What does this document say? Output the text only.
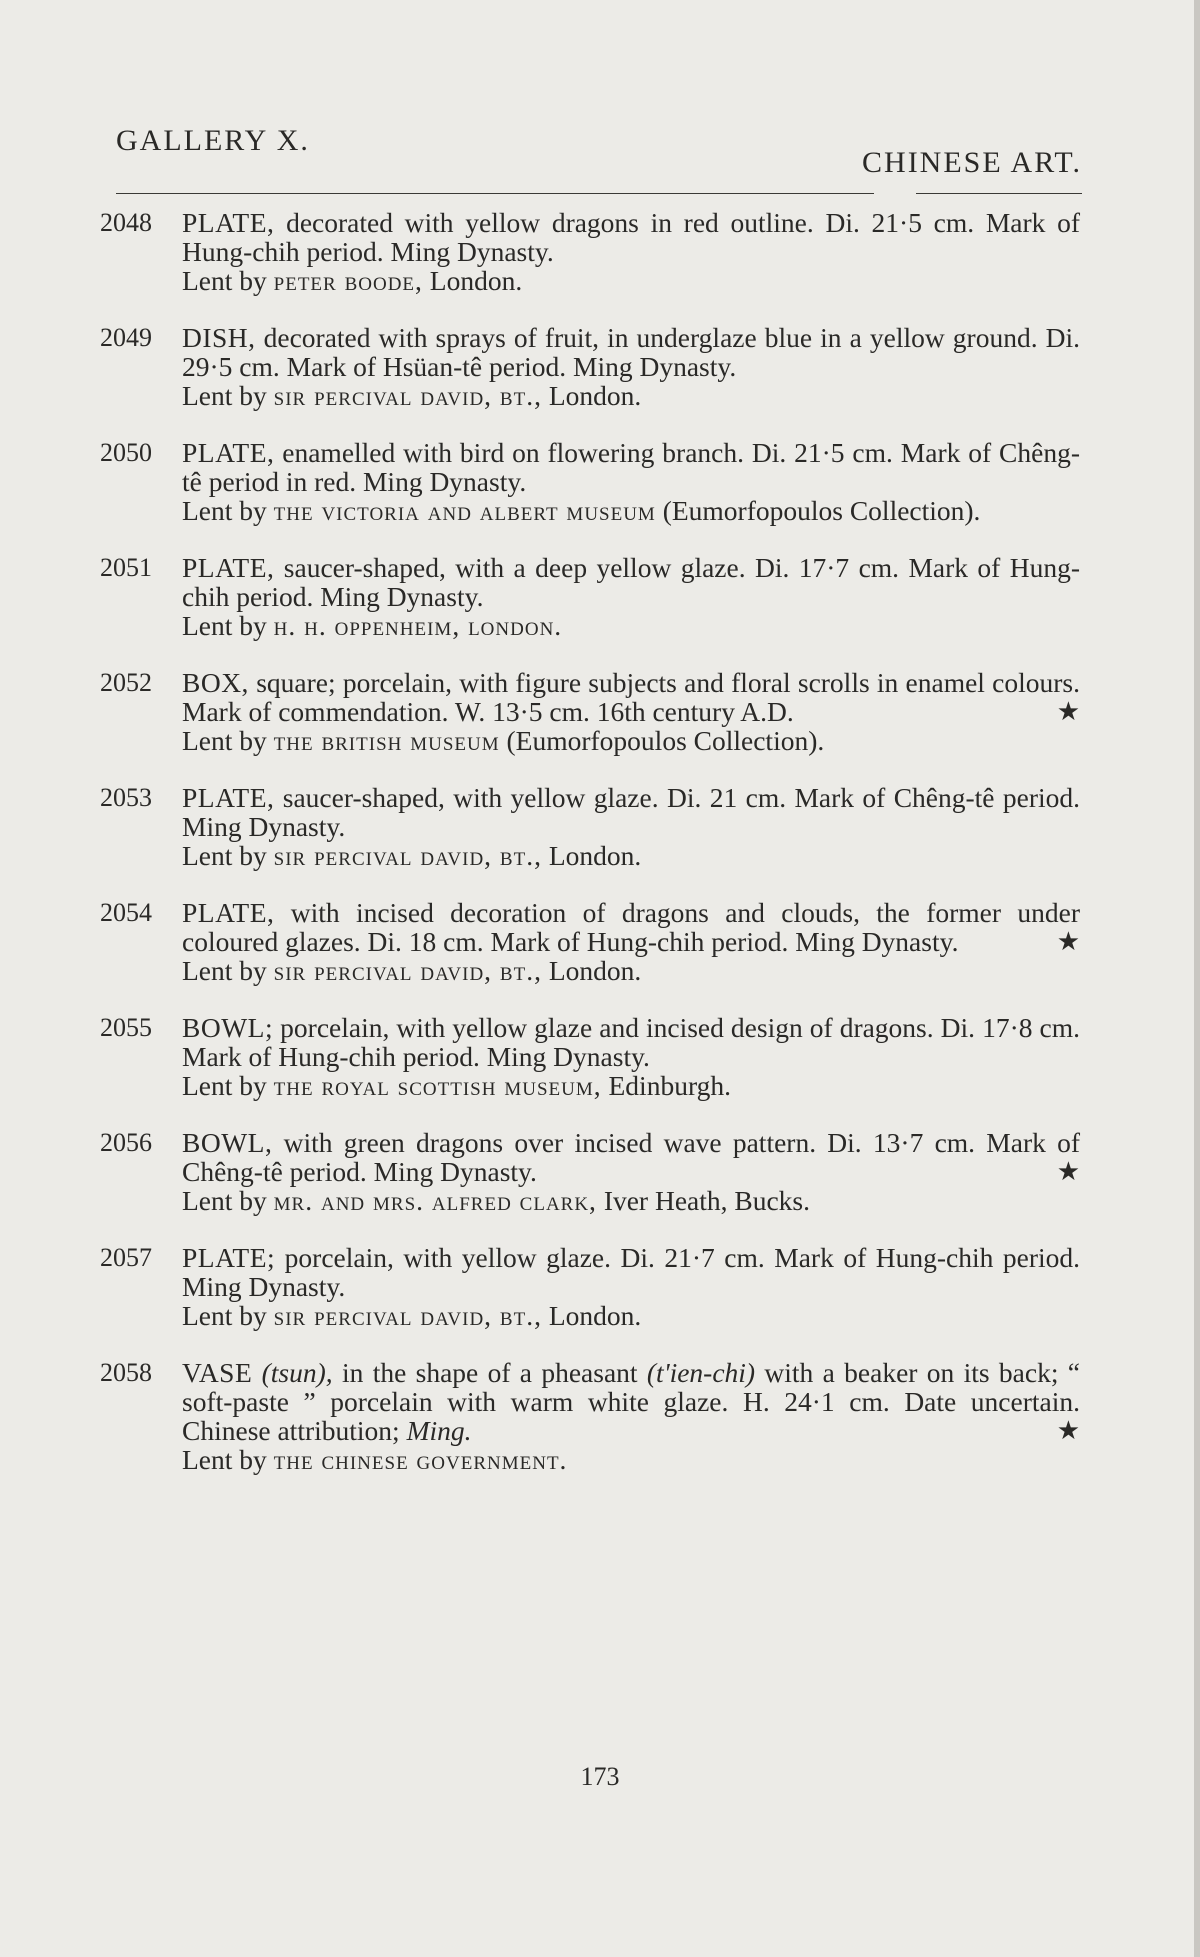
GALLERY X.
CHINESE ART.
2048 PLATE, decorated with yellow dragons in red outline. Di. 21·5 cm. Mark of Hung-chih period. Ming Dynasty.
Lent by peter boode, London.
2049 DISH, decorated with sprays of fruit, in underglaze blue in a yellow ground. Di. 29·5 cm. Mark of Hsüan-tê period. Ming Dynasty.
Lent by sir percival david, bt., London.
2050 PLATE, enamelled with bird on flowering branch. Di. 21·5 cm. Mark of Chêng-tê period in red. Ming Dynasty.
Lent by the victoria and albert museum (Eumorfopoulos Collection).
2051 PLATE, saucer-shaped, with a deep yellow glaze. Di. 17·7 cm. Mark of Hung-chih period. Ming Dynasty.
Lent by h. h. oppenheim, london.
2052 BOX, square; porcelain, with figure subjects and floral scrolls in enamel colours. Mark of commendation. W. 13·5 cm. 16th century A.D.	★
Lent by the british museum (Eumorfopoulos Collection).
2053 PLATE, saucer-shaped, with yellow glaze. Di. 21 cm. Mark of Chêng-tê period. Ming Dynasty.
Lent by sir percival david, bt., London.
2054 PLATE, with incised decoration of dragons and clouds, the former under coloured glazes. Di. 18 cm. Mark of Hung-chih period. Ming Dynasty.	★
Lent by sir percival david, bt., London.
2055 BOWL; porcelain, with yellow glaze and incised design of dragons. Di. 17·8 cm. Mark of Hung-chih period. Ming Dynasty.
Lent by the royal scottish museum, Edinburgh.
2056 BOWL, with green dragons over incised wave pattern. Di. 13·7 cm. Mark of Chêng-tê period. Ming Dynasty.	★
Lent by mr. and mrs. alfred clark, Iver Heath, Bucks.
2057 PLATE; porcelain, with yellow glaze. Di. 21·7 cm. Mark of Hung-chih period. Ming Dynasty.
Lent by sir percival david, bt., London.
2058 VASE (tsun), in the shape of a pheasant (t'ien-chi) with a beaker on its back; “ soft-paste ” porcelain with warm white glaze. H. 24·1 cm. Date uncertain. Chinese attribution; Ming.	★
Lent by the chinese government.
173
